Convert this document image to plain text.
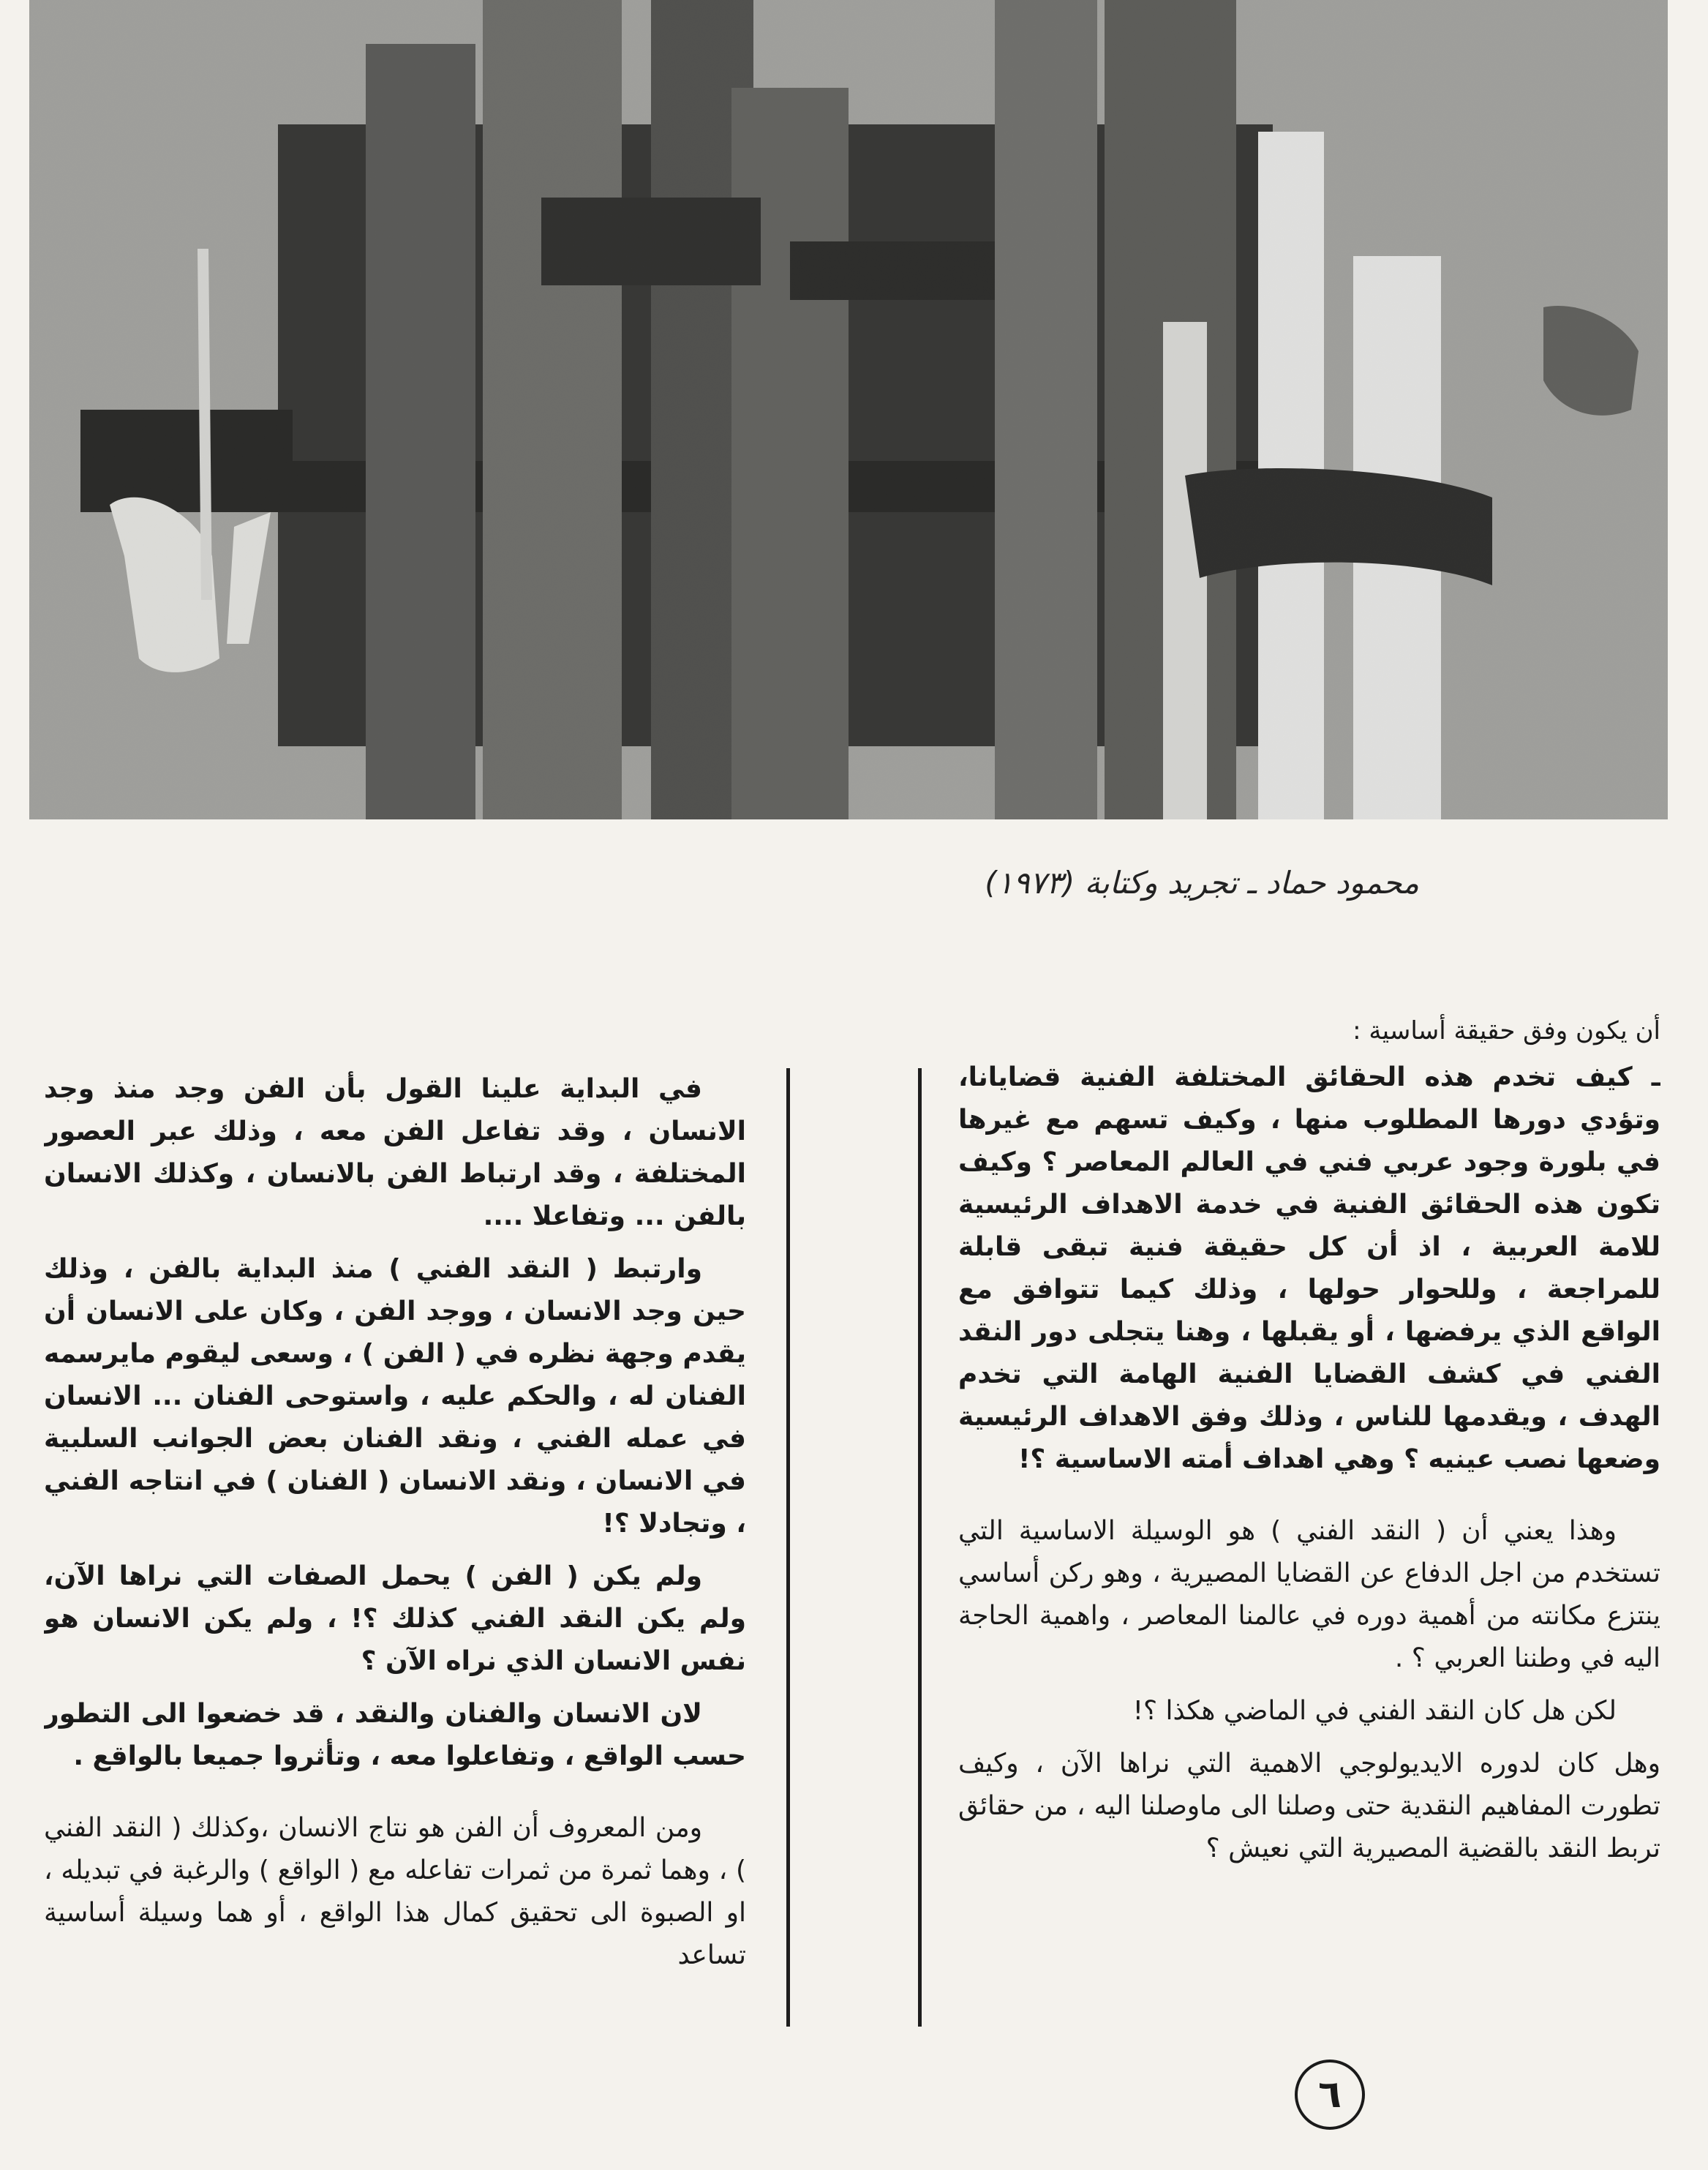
محمود حماد ـ تجريد وكتابة (١٩٧٣)

أن يكون وفق حقيقة أساسية :

ـ كيف تخدم هذه الحقائق المختلفة الفنية قضايانا، وتؤدي دورها المطلوب منها ، وكيف تسهم مع غيرها في بلورة وجود عربي فني في العالم المعاصر ؟ وكيف تكون هذه الحقائق الفنية في خدمة الاهداف الرئيسية للامة العربية ، اذ أن كل حقيقة فنية تبقى قابلة للمراجعة ، وللحوار حولها ، وذلك كيما تتوافق مع الواقع الذي يرفضها ، أو يقبلها ، وهنا يتجلى دور النقد الفني في كشف القضايا الفنية الهامة التي تخدم الهدف ، ويقدمها للناس ، وذلك وفق الاهداف الرئيسية وضعها نصب عينيه ؟ وهي اهداف أمته الاساسية ؟!

وهذا يعني أن ( النقد الفني ) هو الوسيلة الاساسية التي تستخدم من اجل الدفاع عن القضايا المصيرية ، وهو ركن أساسي ينتزع مكانته من أهمية دوره في عالمنا المعاصر ، واهمية الحاجة اليه في وطننا العربي ؟ .

لكن هل كان النقد الفني في الماضي هكذا ؟!

وهل كان لدوره الايديولوجي الاهمية التي نراها الآن ، وكيف تطورت المفاهيم النقدية حتى وصلنا الى ماوصلنا اليه ، من حقائق تربط النقد بالقضية المصيرية التي نعيش ؟

في البداية علينا القول بأن الفن وجد منذ وجد الانسان ، وقد تفاعل الفن معه ، وذلك عبر العصور المختلفة ، وقد ارتباط الفن بالانسان ، وكذلك الانسان بالفن ... وتفاعلا ....

وارتبط ( النقد الفني ) منذ البداية بالفن ، وذلك حين وجد الانسان ، ووجد الفن ، وكان على الانسان أن يقدم وجهة نظره في ( الفن ) ، وسعى ليقوم مايرسمه الفنان له ، والحكم عليه ، واستوحى الفنان ... الانسان في عمله الفني ، ونقد الفنان بعض الجوانب السلبية في الانسان ، ونقد الانسان ( الفنان ) في انتاجه الفني ، وتجادلا ؟!

ولم يكن ( الفن ) يحمل الصفات التي نراها الآن، ولم يكن النقد الفني كذلك ؟! ، ولم يكن الانسان هو نفس الانسان الذي نراه الآن ؟

لان الانسان والفنان والنقد ، قد خضعوا الى التطور حسب الواقع ، وتفاعلوا معه ، وتأثروا جميعا بالواقع .

ومن المعروف أن الفن هو نتاج الانسان ،وكذلك ( النقد الفني ) ، وهما ثمرة من ثمرات تفاعله مع ( الواقع ) والرغبة في تبديله ، او الصبوة الى تحقيق كمال هذا الواقع ، أو هما وسيلة أساسية تساعد

٦
